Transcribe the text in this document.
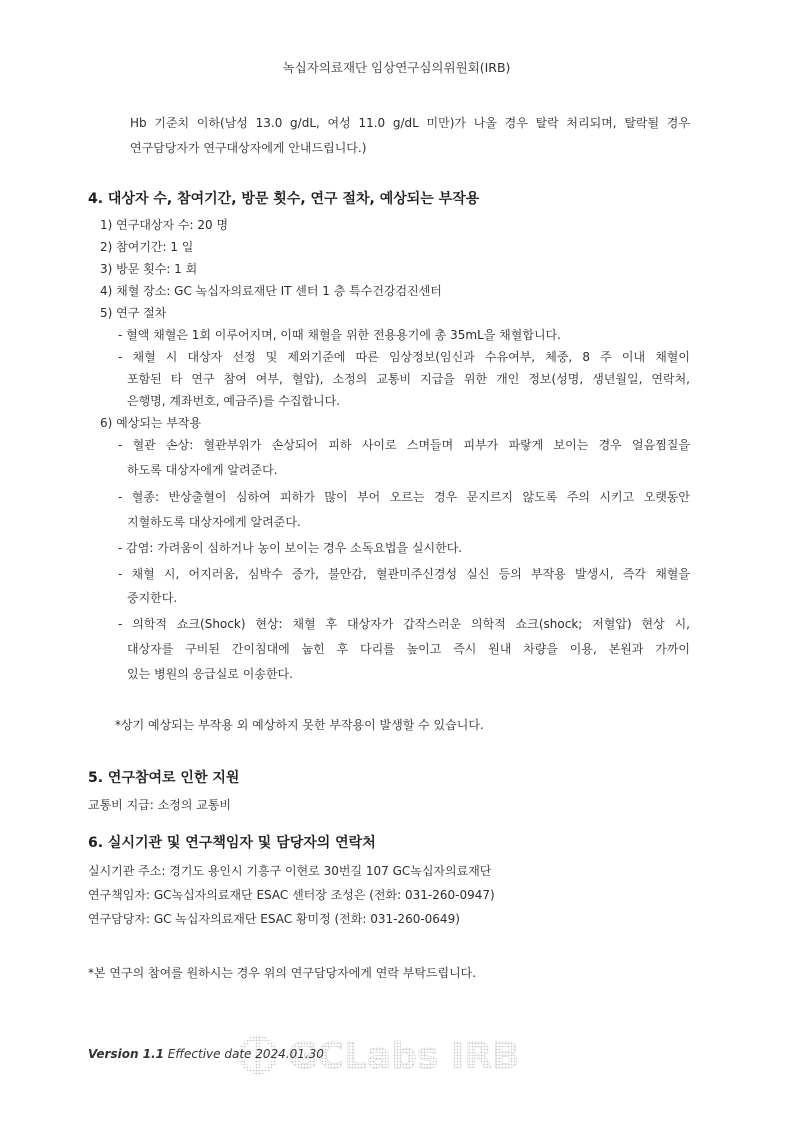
녹십자의료재단 임상연구심의위원회(IRB)
Hb 기준치 이하(남성 13.0 g/dL, 여성 11.0 g/dL 미만)가 나올 경우 탈락 처리되며, 탈락될 경우
연구담당자가 연구대상자에게 안내드립니다.)
4. 대상자 수, 참여기간, 방문 횟수, 연구 절차, 예상되는 부작용
1) 연구대상자 수: 20 명
2) 참여기간: 1 일
3) 방문 횟수: 1 회
4) 채혈 장소: GC 녹십자의료재단 IT 센터 1 층 특수건강검진센터
5) 연구 절차
- 혈액 채혈은 1회 이루어지며, 이때 채혈을 위한 전용용기에 총 35mL을 채혈합니다.
- 채혈 시 대상자 선정 및 제외기준에 따른 임상정보(임신과 수유여부, 체중, 8 주 이내 채혈이
포함된 타 연구 참여 여부, 혈압), 소정의 교통비 지급을 위한 개인 정보(성명, 생년월일, 연락처,
은행명, 계좌번호, 예금주)를 수집합니다.
6) 예상되는 부작용
- 혈관 손상: 혈관부위가 손상되어 피하 사이로 스며들며 피부가 파랗게 보이는 경우 얼음찜질을
하도록 대상자에게 알려준다.
- 혈종: 반상출혈이 심하여 피하가 많이 부어 오르는 경우 문지르지 않도록 주의 시키고 오랫동안
지혈하도록 대상자에게 알려준다.
- 감염: 가려움이 심하거나 농이 보이는 경우 소독요법을 실시한다.
- 채혈 시, 어지러움, 심박수 증가, 불안감, 혈관미주신경성 실신 등의 부작용 발생시, 즉각 채혈을
중지한다.
- 의학적 쇼크(Shock) 현상: 채혈 후 대상자가 갑작스러운 의학적 쇼크(shock; 저혈압) 현상 시,
대상자를 구비된 간이침대에 눕힌 후 다리를 높이고 즉시 원내 차량을 이용, 본원과 가까이
있는 병원의 응급실로 이송한다.
*상기 예상되는 부작용 외 예상하지 못한 부작용이 발생할 수 있습니다.
5. 연구참여로 인한 지원
교통비 지급: 소정의 교통비
6. 실시기관 및 연구책임자 및 담당자의 연락처
실시기관 주소: 경기도 용인시 기흥구 이현로 30번길 107 GC녹십자의료재단
연구책임자: GC녹십자의료재단 ESAC 센터장 조성은 (전화: 031-260-0947)
연구담당자: GC 녹십자의료재단 ESAC 황미정 (전화: 031-260-0649)
*본 연구의 참여를 원하시는 경우 위의 연구담당자에게 연락 부탁드립니다.
GCLabs IRB
Version 1.1 Effective date 2024.01.30
